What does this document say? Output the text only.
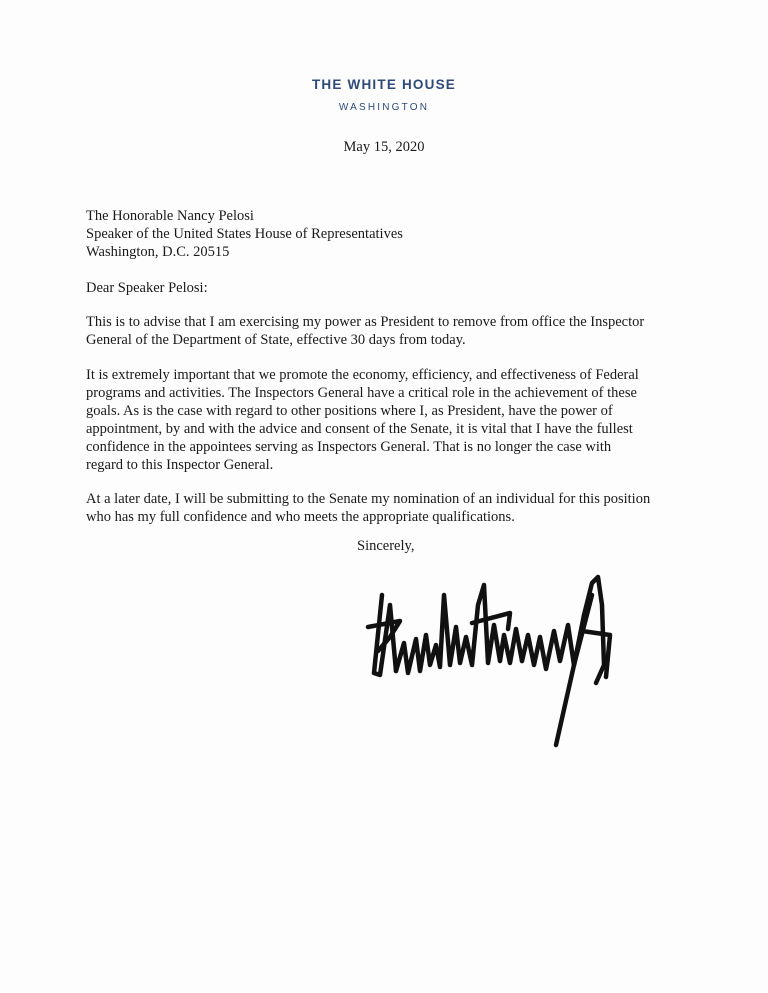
THE WHITE HOUSE
WASHINGTON
May 15, 2020
The Honorable Nancy Pelosi
Speaker of the United States House of Representatives
Washington, D.C. 20515
Dear Speaker Pelosi:
This is to advise that I am exercising my power as President to remove from office the Inspector
General of the Department of State, effective 30 days from today.
It is extremely important that we promote the economy, efficiency, and effectiveness of Federal
programs and activities. The Inspectors General have a critical role in the achievement of these
goals. As is the case with regard to other positions where I, as President, have the power of
appointment, by and with the advice and consent of the Senate, it is vital that I have the fullest
confidence in the appointees serving as Inspectors General. That is no longer the case with
regard to this Inspector General.
At a later date, I will be submitting to the Senate my nomination of an individual for this position
who has my full confidence and who meets the appropriate qualifications.
Sincerely,
